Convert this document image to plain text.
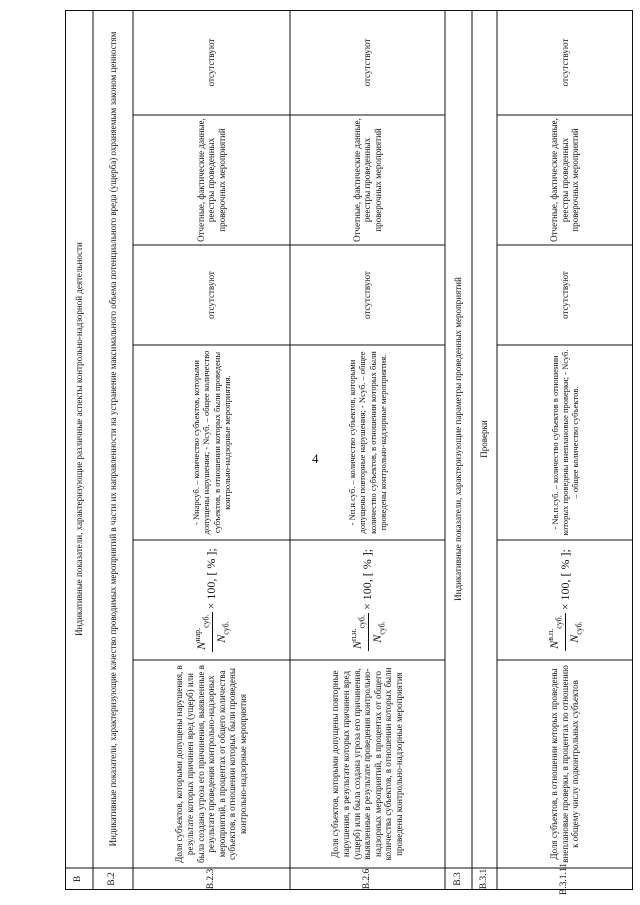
4
В
Индикативные показатели, характеризующие различные аспекты контрольно-надзорной деятельности
В.2
Индикативные показатели, характеризующие качество проводимых мероприятий в части их направленности на устранение максимального объема потенциального вреда (ущерба) охраняемым законом ценностям
В.2.3
Доля субъектов, которыми допущены нарушения, в результате которых причинен вред (ущерб) или была создана угроза его причинения, выявленные в результате проведения контрольно-надзорных мероприятий, в процентах от общего количества субъектов, в отношении которых были проведены контрольно-надзорные мероприятия
$N^{нар.}_{суб.}$
$N_{суб.}$
× 100, [ % ];
- Nнарсуб. – количество субъектов, которыми допущены нарушения; - Nсуб. – общее количество субъектов, в отношении которых были проведены контрольно-надзорные мероприятия.
отсутствуют
Отчетные, фактические данные, реестры проведенных проверочных мероприятий
отсутствуют
В.2.6
Доля субъектов, которыми допущены повторные нарушения, в результате которых причинен вред (ущерб) или была создана угроза его причинения, выявленные в результате проведения контрольно-надзорных мероприятий, в процентах от общего количества субъектов, в отношении которых были проведены контрольно-надзорные мероприятия
$N^{п.н.}_{суб.}$
$N_{суб.}$
× 100, [ % ];
- Nп.н.суб. – количество субъектов, которыми допущены повторные нарушения; - Nсуб. – общее количество субъектов, в отношении которых были проведены контрольно-надзорные мероприятия.
отсутствуют
Отчетные, фактические данные, реестры проведенных проверочных мероприятий
отсутствуют
В.3
Индикативные показатели, характеризующие параметры проведенных мероприятий
В.3.1
Проверки
В.3.1.11
Доля субъектов, в отношении которых проведены внеплановые проверки, в процентах по отношению к общему числу подконтрольных субъектов
$N^{в.п.}_{суб.}$
$N_{суб.}$
× 100, [ % ];
- Nв.п.суб. – количество субъектов в отношении которых проведены внеплановые проверки; - Nсуб. – общее количество субъектов.
отсутствуют
Отчетные, фактические данные, реестры проведенных проверочных мероприятий
отсутствуют
